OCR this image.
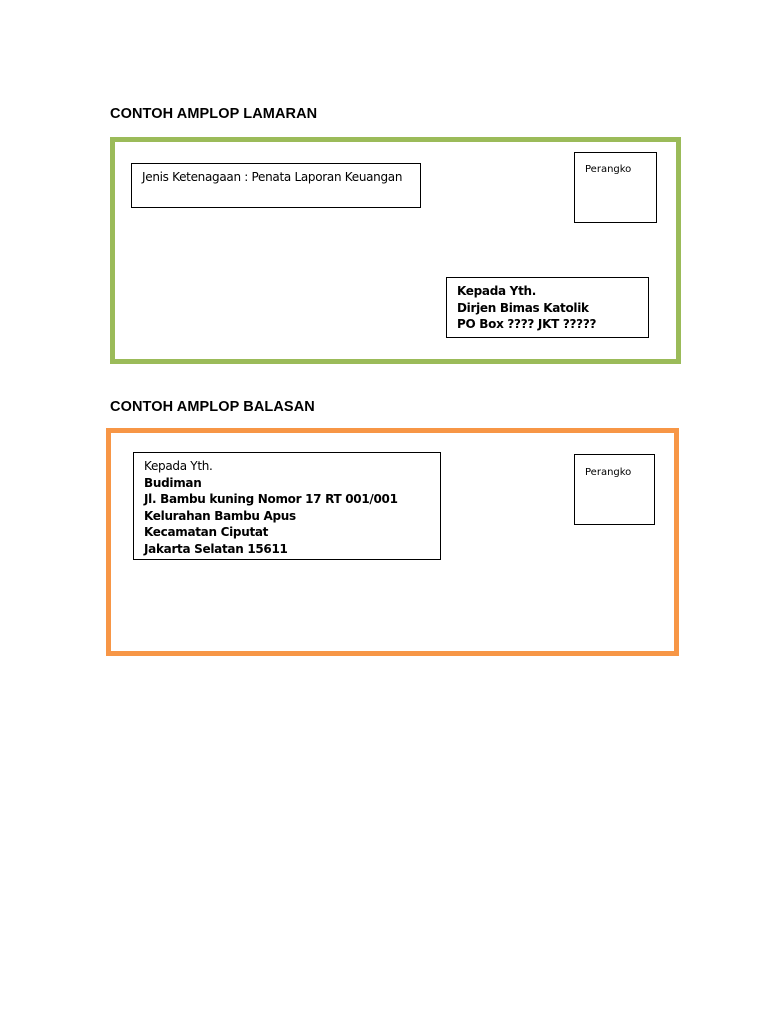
CONTOH AMPLOP LAMARAN
Jenis Ketenagaan : Penata Laporan Keuangan
Perangko
Kepada Yth.
Dirjen Bimas Katolik
PO Box ???? JKT ?????
CONTOH AMPLOP BALASAN
Kepada Yth.
Budiman
Jl. Bambu kuning Nomor 17 RT 001/001
Kelurahan Bambu Apus
Kecamatan Ciputat
Jakarta Selatan 15611
Perangko
